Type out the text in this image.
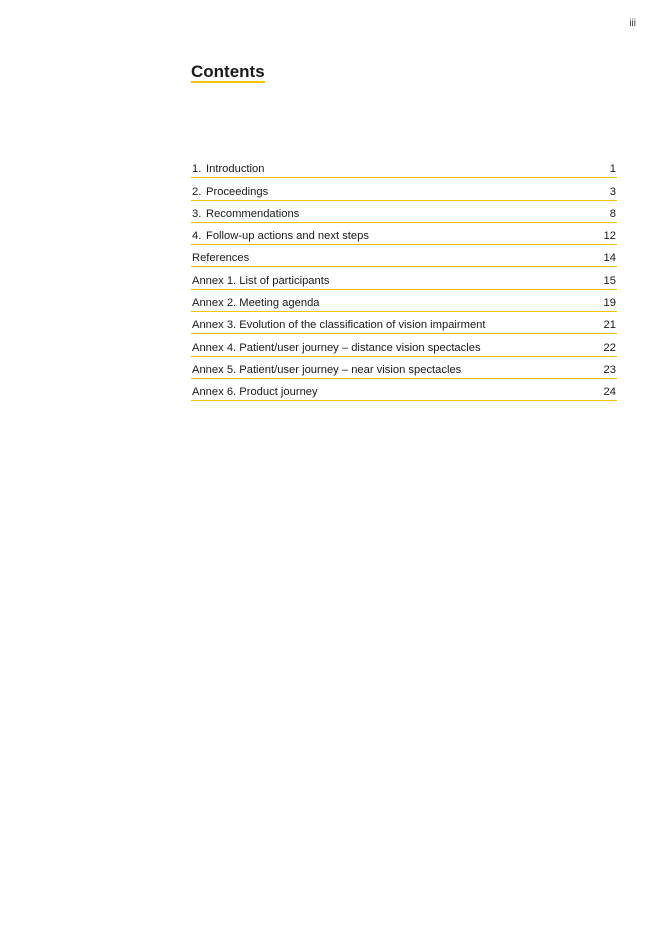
iii
Contents
1. Introduction	1
2. Proceedings	3
3. Recommendations	8
4. Follow-up actions and next steps	12
References	14
Annex 1. List of participants	15
Annex 2. Meeting agenda	19
Annex 3. Evolution of the classification of vision impairment	21
Annex 4. Patient/user journey – distance vision spectacles	22
Annex 5. Patient/user journey – near vision spectacles	23
Annex 6. Product journey	24
